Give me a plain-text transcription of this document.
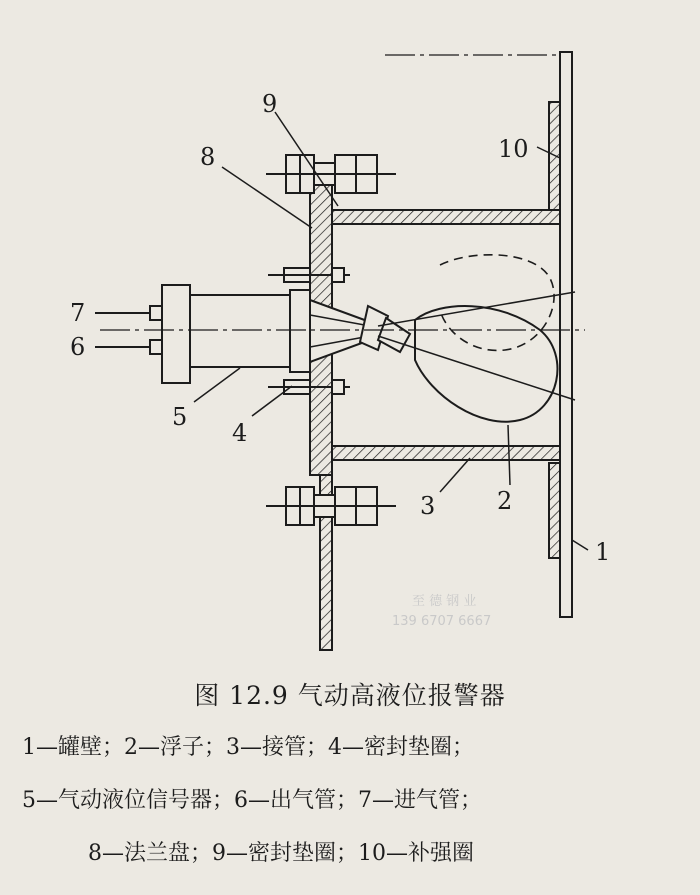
1
2
3
4
5
6
7
8
9
10
至 德 钢 业
139 6707 6667
图 12.9 气动高液位报警器
1—罐壁；2—浮子；3—接管；4—密封垫圈；
5—气动液位信号器；6—出气管；7—进气管；
8—法兰盘；9—密封垫圈；10—补强圈
